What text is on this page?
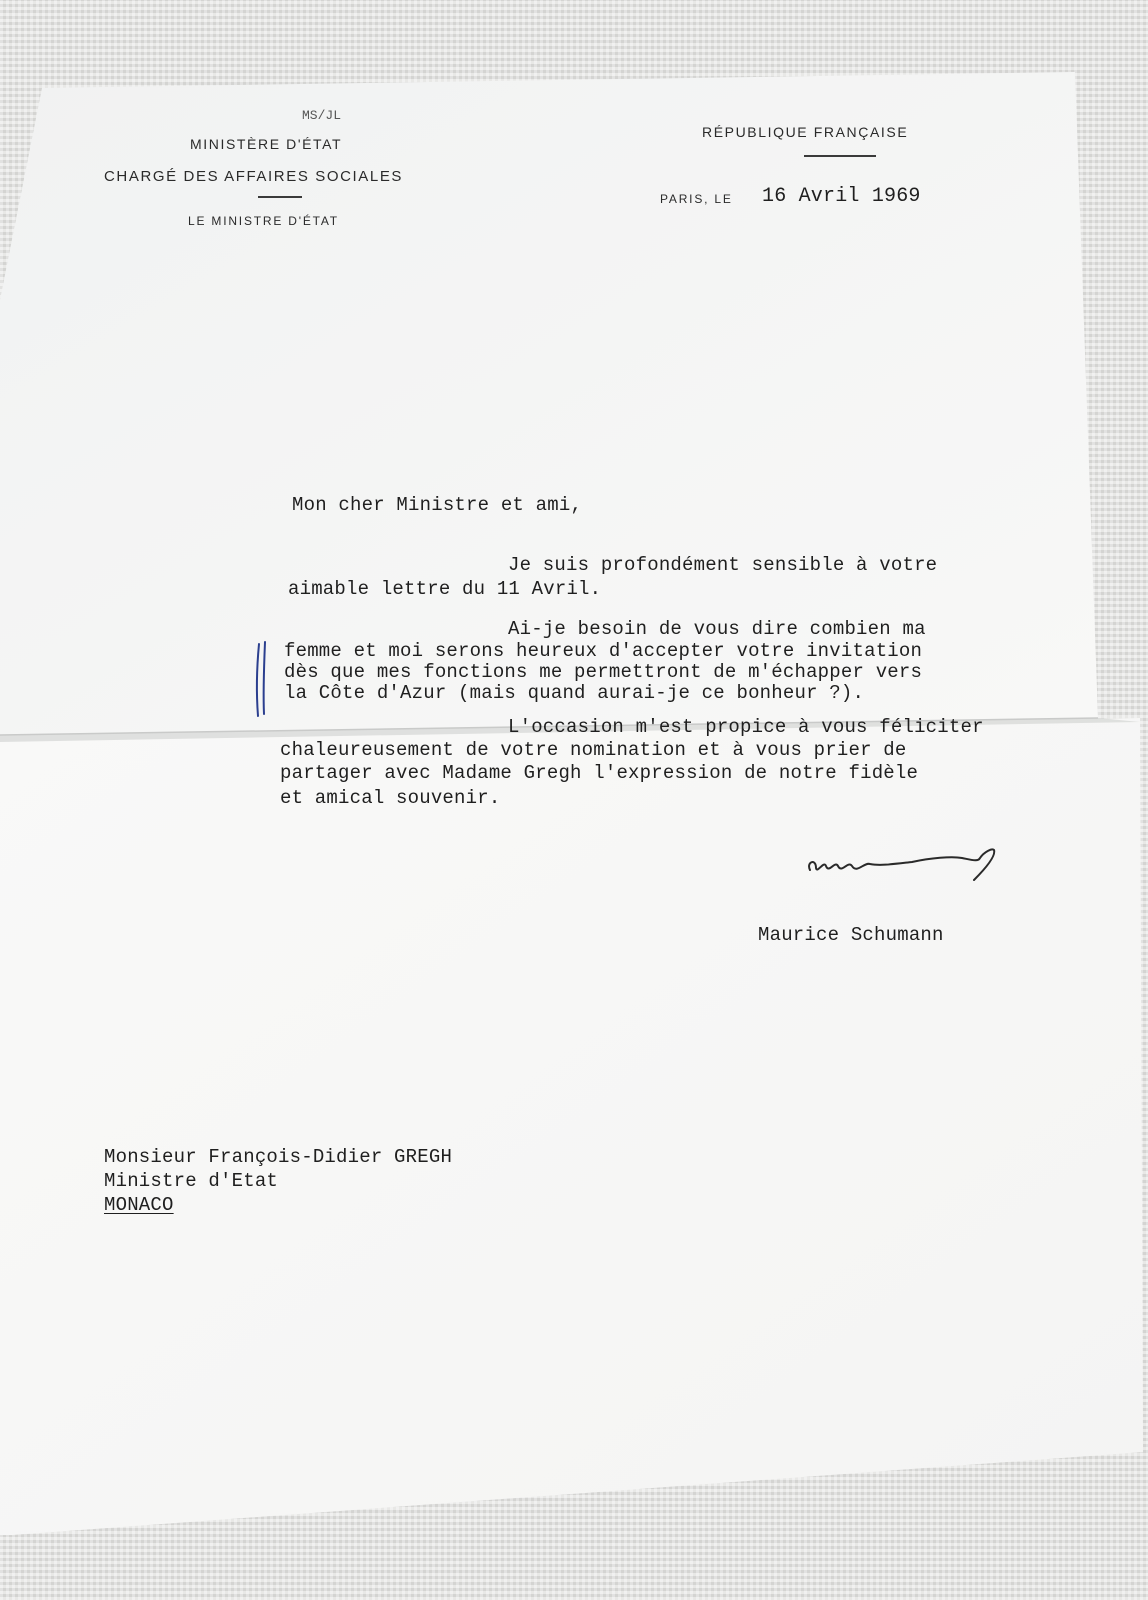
MS/JL
MINISTÈRE D'ÉTAT
CHARGÉ DES AFFAIRES SOCIALES
LE MINISTRE D'ÉTAT
RÉPUBLIQUE FRANÇAISE
PARIS, LE 16 Avril 1969
Mon cher Ministre et ami,
Je suis profondément sensible à votre
aimable lettre du 11 Avril.
Ai-je besoin de vous dire combien ma
femme et moi serons heureux d'accepter votre invitation
dès que mes fonctions me permettront de m'échapper vers
la Côte d'Azur (mais quand aurai-je ce bonheur ?).
L'occasion m'est propice à vous féliciter
chaleureusement de votre nomination et à vous prier de
partager avec Madame Gregh l'expression de notre fidèle
et amical souvenir.
Maurice Schumann
Monsieur François-Didier GREGH
Ministre d'Etat
MONACO
